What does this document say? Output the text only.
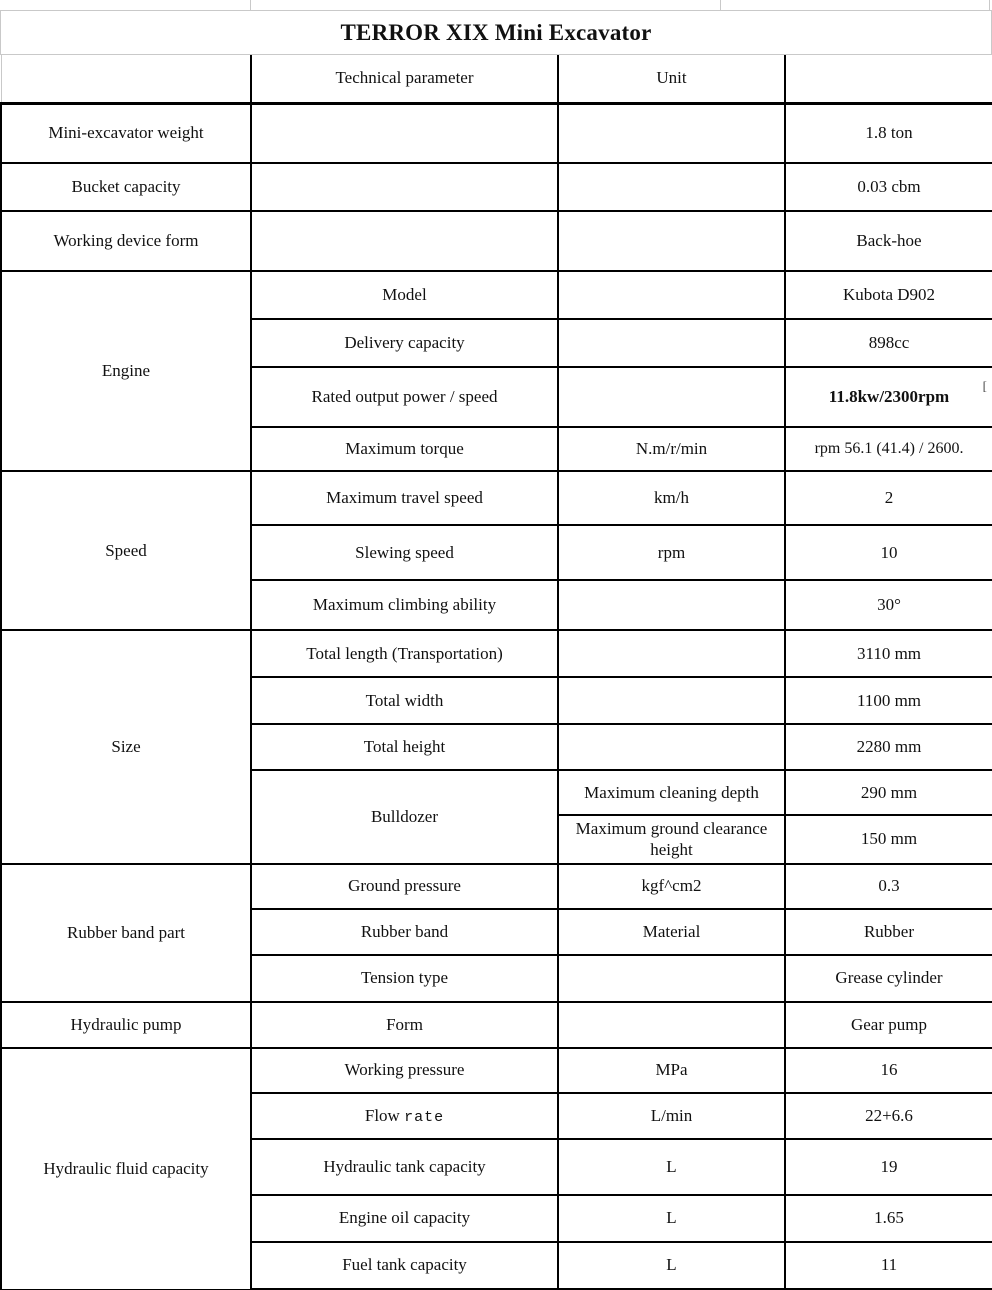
TERROR XIX Mini Excavator
	Technical parameter	Unit	
Mini-excavator weight			1.8 ton
Bucket capacity			0.03 cbm
Working device form			Back-hoe
Engine	Model		Kubota D902
	Delivery capacity		898cc
	Rated output power / speed		11.8kw/2300rpm
[

	Maximum torque	N.m/r/min	rpm 56.1 (41.4) / 2600.
Speed	Maximum travel speed	km/h	2
	Slewing speed	rpm	10
	Maximum climbing ability		30°
Size	Total length (Transportation)		3110 mm
	Total width		1100 mm
	Total height		2280 mm
	Bulldozer	Maximum cleaning depth	290 mm
		Maximum ground clearance height	150 mm
Rubber band part	Ground pressure	kgf^cm2	0.3
	Rubber band	Material	Rubber
	Tension type		Grease cylinder
Hydraulic pump	Form		Gear pump
Hydraulic fluid capacity	Working pressure	MPa	16
	Flow rate	L/min	22+6.6
	Hydraulic tank capacity	L	19
	Engine oil capacity	L	1.65
	Fuel tank capacity	L	11
